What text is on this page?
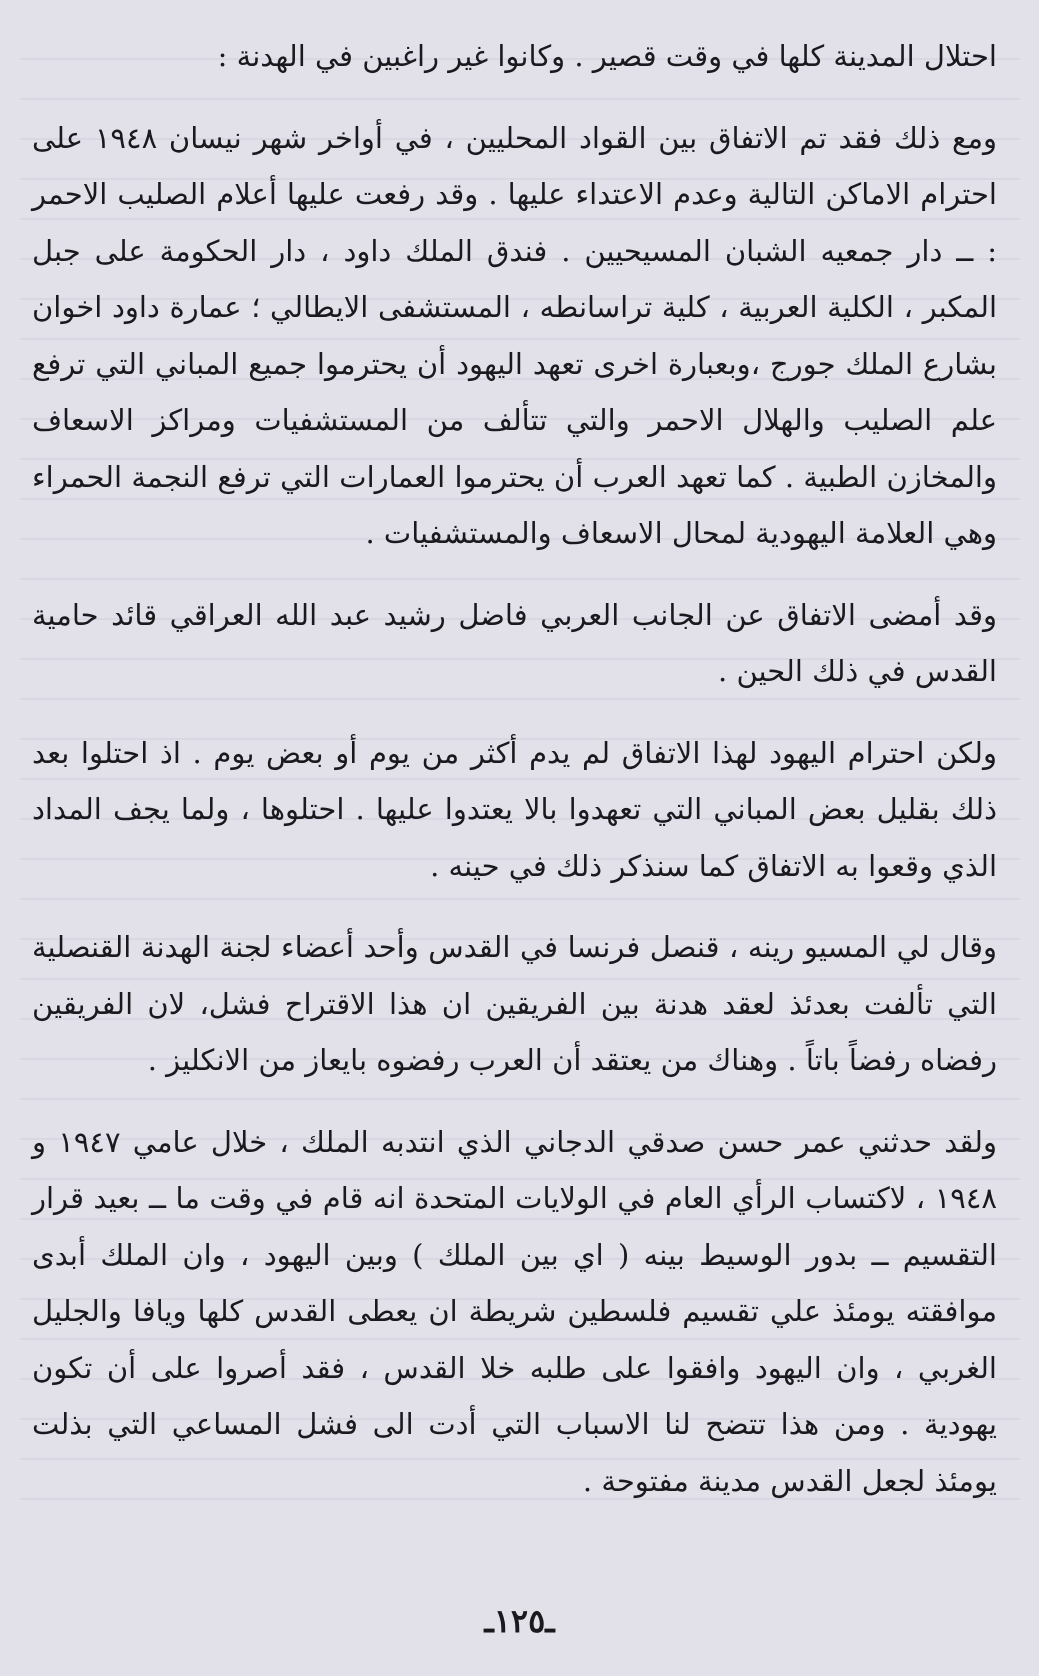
احتلال المدينة كلها في وقت قصير . وكانوا غير راغبين في الهدنة :

ومع ذلك فقد تم الاتفاق بين القواد المحليين ، في أواخر شهر نيسان ١٩٤٨ على احترام الاماكن التالية وعدم الاعتداء عليها . وقد رفعت عليها أعلام الصليب الاحمر : ــ دار جمعيه الشبان المسيحيين . فندق الملك داود ، دار الحكومة على جبل المكبر ، الكلية العربية ، كلية تراسانطه ، المستشفى الايطالي ؛ عمارة داود اخوان بشارع الملك جورج ،وبعبارة اخرى تعهد اليهود أن يحترموا جميع المباني التي ترفع علم الصليب والهلال الاحمر والتي تتألف من المستشفيات ومراكز الاسعاف والمخازن الطبية . كما تعهد العرب أن يحترموا العمارات التي ترفع النجمة الحمراء وهي العلامة اليهودية لمحال الاسعاف والمستشفيات .

وقد أمضى الاتفاق عن الجانب العربي فاضل رشيد عبد الله العراقي قائد حامية القدس في ذلك الحين .

ولكن احترام اليهود لهذا الاتفاق لم يدم أكثر من يوم أو بعض يوم . اذ احتلوا بعد ذلك بقليل بعض المباني التي تعهدوا بالا يعتدوا عليها . احتلوها ، ولما يجف المداد الذي وقعوا به الاتفاق كما سنذكر ذلك في حينه .

وقال لي المسيو رينه ، قنصل فرنسا في القدس وأحد أعضاء لجنة الهدنة القنصلية التي تألفت بعدئذ لعقد هدنة بين الفريقين ان هذا الاقتراح فشل، لان الفريقين رفضاه رفضاً باتاً . وهناك من يعتقد أن العرب رفضوه بايعاز من الانكليز .

ولقد حدثني عمر حسن صدقي الدجاني الذي انتدبه الملك ، خلال عامي ١٩٤٧ و ١٩٤٨ ، لاكتساب الرأي العام في الولايات المتحدة انه قام في وقت ما ــ بعيد قرار التقسيم ــ بدور الوسيط بينه ( اي بين الملك ) وبين اليهود ، وان الملك أبدى موافقته يومئذ علي تقسيم فلسطين شريطة ان يعطى القدس كلها ويافا والجليل الغربي ، وان اليهود وافقوا على طلبه خلا القدس ، فقد أصروا على أن تكون يهودية . ومن هذا تتضح لنا الاسباب التي أدت الى فشل المساعي التي بذلت يومئذ لجعل القدس مدينة مفتوحة .

ـ١٢٥ـ
